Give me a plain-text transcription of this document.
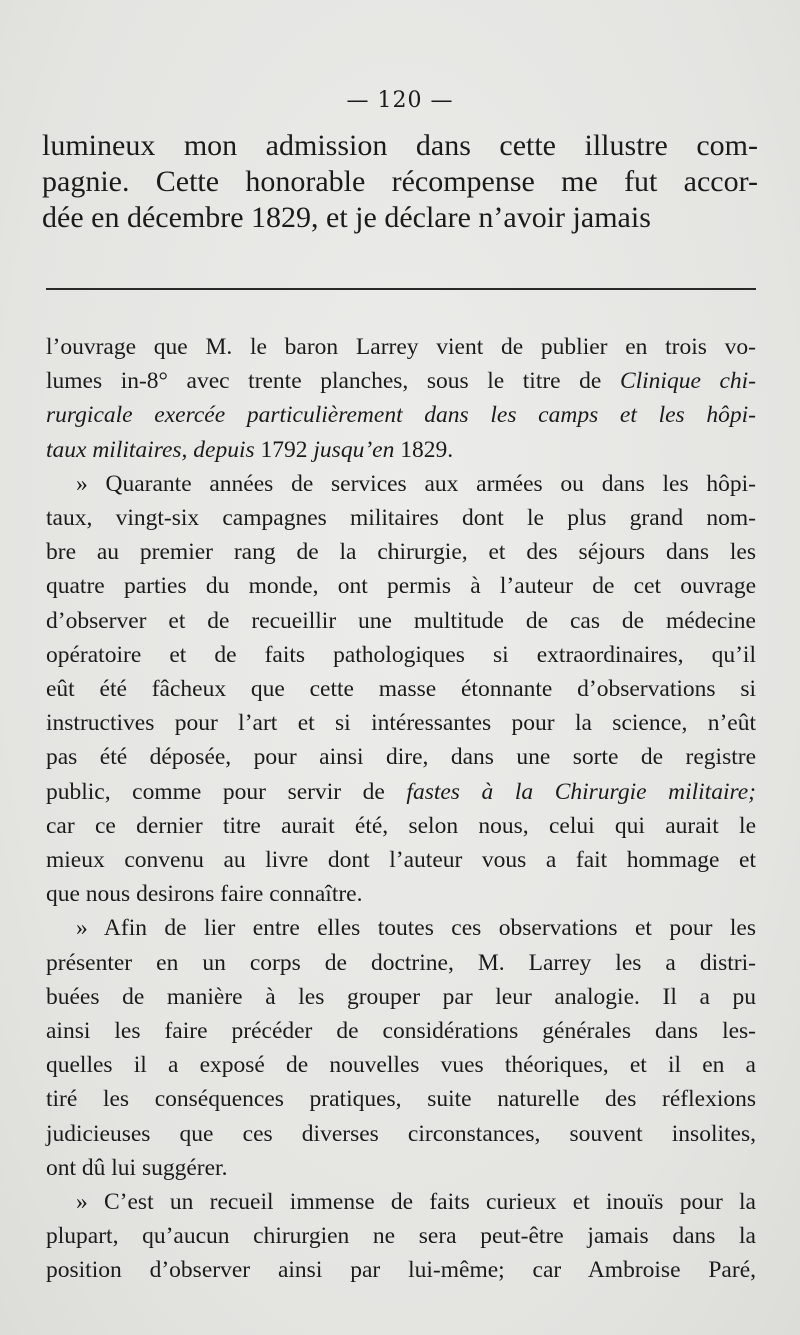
— 120 —
lumineux mon admission dans cette illustre com-
pagnie. Cette honorable récompense me fut accor-
dée en décembre 1829, et je déclare n’avoir jamais

l’ouvrage que M. le baron Larrey vient de publier en trois vo-
lumes in-8° avec trente planches, sous le titre de Clinique chi-
rurgicale exercée particulièrement dans les camps et les hôpi-
taux militaires, depuis 1792 jusqu’en 1829.

» Quarante années de services aux armées ou dans les hôpi-
taux, vingt-six campagnes militaires dont le plus grand nom-
bre au premier rang de la chirurgie, et des séjours dans les
quatre parties du monde, ont permis à l’auteur de cet ouvrage
d’observer et de recueillir une multitude de cas de médecine
opératoire et de faits pathologiques si extraordinaires, qu’il
eût été fâcheux que cette masse étonnante d’observations si
instructives pour l’art et si intéressantes pour la science, n’eût
pas été déposée, pour ainsi dire, dans une sorte de registre
public, comme pour servir de fastes à la Chirurgie militaire;
car ce dernier titre aurait été, selon nous, celui qui aurait le
mieux convenu au livre dont l’auteur vous a fait hommage et
que nous desirons faire connaître.

» Afin de lier entre elles toutes ces observations et pour les
présenter en un corps de doctrine, M. Larrey les a distri-
buées de manière à les grouper par leur analogie. Il a pu
ainsi les faire précéder de considérations générales dans les-
quelles il a exposé de nouvelles vues théoriques, et il en a
tiré les conséquences pratiques, suite naturelle des réflexions
judicieuses que ces diverses circonstances, souvent insolites,
ont dû lui suggérer.

» C’est un recueil immense de faits curieux et inouïs pour la
plupart, qu’aucun chirurgien ne sera peut-être jamais dans la
position d’observer ainsi par lui-même; car Ambroise Paré,
